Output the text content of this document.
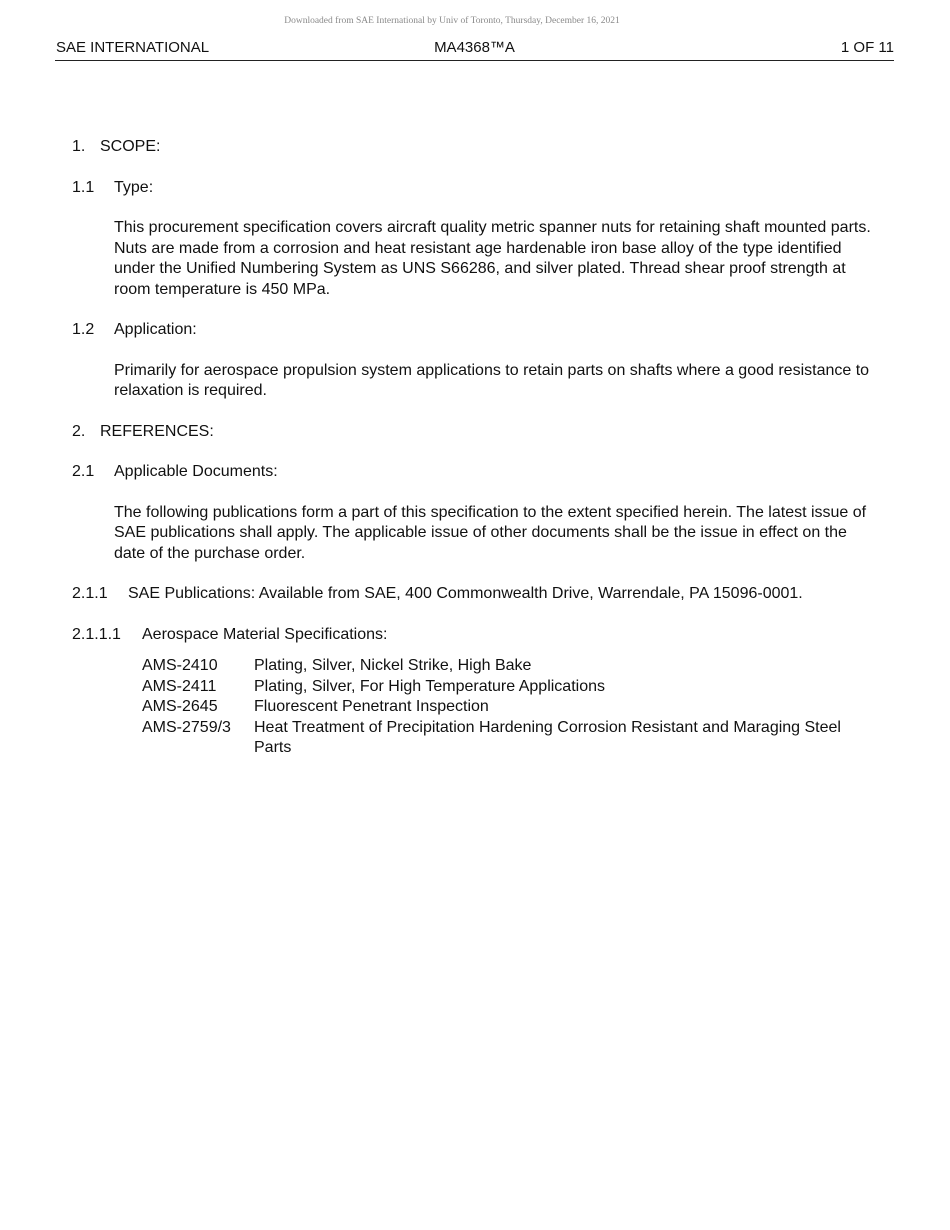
Downloaded from SAE International by Univ of Toronto, Thursday, December 16, 2021
SAE INTERNATIONAL	MA4368™A	1 OF 11
1. SCOPE:
1.1 Type:
This procurement specification covers aircraft quality metric spanner nuts for retaining shaft mounted parts. Nuts are made from a corrosion and heat resistant age hardenable iron base alloy of the type identified under the Unified Numbering System as UNS S66286, and silver plated. Thread shear proof strength at room temperature is 450 MPa.
1.2 Application:
Primarily for aerospace propulsion system applications to retain parts on shafts where a good resistance to relaxation is required.
2. REFERENCES:
2.1 Applicable Documents:
The following publications form a part of this specification to the extent specified herein. The latest issue of SAE publications shall apply. The applicable issue of other documents shall be the issue in effect on the date of the purchase order.
2.1.1 SAE Publications: Available from SAE, 400 Commonwealth Drive, Warrendale, PA 15096-0001.
2.1.1.1 Aerospace Material Specifications:
AMS-2410	Plating, Silver, Nickel Strike, High Bake
AMS-2411	Plating, Silver, For High Temperature Applications
AMS-2645	Fluorescent Penetrant Inspection
AMS-2759/3	Heat Treatment of Precipitation Hardening Corrosion Resistant and Maraging Steel Parts
